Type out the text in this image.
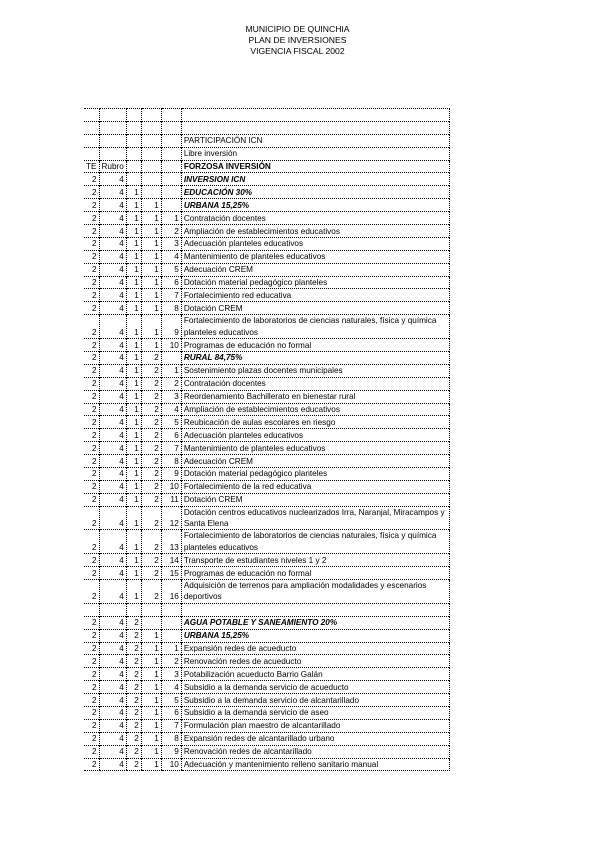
MUNICIPIO DE QUINCHIA
PLAN DE INVERSIONES
VIGENCIA FISCAL 2002

					PARTICIPACIÓN ICN
					Libre inversión
TE	Rubro				FORZOSA INVERSIÓN
2	4				INVERSION ICN
2	4	1			EDUCACIÓN 30%
2	4	1	1		URBANA 15,25%
2	4	1	1	1	Contratación docentes
2	4	1	1	2	Ampliación de establecimientos educativos
2	4	1	1	3	Adecuación planteles educativos
2	4	1	1	4	Mantenimiento de planteles educativos
2	4	1	1	5	Adecuación CREM
2	4	1	1	6	Dotación material pedagógico planteles
2	4	1	1	7	Fortalecimiento red educativa
2	4	1	1	8	Dotación CREM
2	4	1	1	9	Fortalecimiento de laboratorios de ciencias naturales, física y química planteles educativos
2	4	1	1	10	Programas de educación no formal
2	4	1	2		RURAL 84,75%
2	4	1	2	1	Sostenimiento plazas docentes municipales
2	4	1	2	2	Contratación docentes
2	4	1	2	3	Reordenamiento Bachillerato en bienestar rural
2	4	1	2	4	Ampliación de establecimientos educativos
2	4	1	2	5	Reubicación de aulas escolares en riesgo
2	4	1	2	6	Adecuación planteles educativos
2	4	1	2	7	Mantenimiento de planteles educativos
2	4	1	2	8	Adecuación CREM
2	4	1	2	9	Dotación material pedagógico planteles
2	4	1	2	10	Fortalecimiento de la red educativa
2	4	1	2	11	Dotación CREM
2	4	1	2	12	Dotación centros educativos nuclearizados Irra, Naranjal, Miracampos y Santa Elena
2	4	1	2	13	Fortalecimiento de laboratorios de ciencias naturales, física y química planteles educativos
2	4	1	2	14	Transporte de estudiantes niveles 1 y 2
2	4	1	2	15	Programas de educación no formal
2	4	1	2	16	Adquisición de terrenos para ampliación modalidades y escenarios deportivos

2	4	2			AGUA POTABLE Y SANEAMIENTO 20%
2	4	2	1		URBANA 15,25%
2	4	2	1	1	Expansión redes de acueducto
2	4	2	1	2	Renovación redes de acueducto
2	4	2	1	3	Potabilización acueducto Barrio Galán
2	4	2	1	4	Subsidio a la demanda servicio de acueducto
2	4	2	1	5	Subsidio a la demanda servicio de alcantarillado
2	4	2	1	6	Subsidio a la demanda servicio de aseo
2	4	2	1	7	Formulación plan maestro de alcantarillado
2	4	2	1	8	Expansión redes de alcantarillado urbano
2	4	2	1	9	Renovación redes de alcantarillado
2	4	2	1	10	Adecuación y mantenimiento relleno sanitario manual
